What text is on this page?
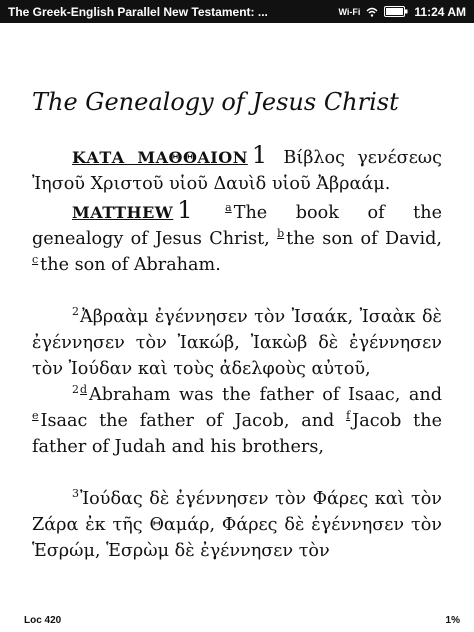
The Greek-English Parallel New Testament: ...	Wi-Fi	11:24 AM
The Genealogy of Jesus Christ

ΚΑΤΑ ΜΑΘΘΑΙΟΝ 1 Βίβλος γενέσεως Ἰησοῦ Χριστοῦ υἱοῦ Δαυὶδ υἱοῦ Ἀβραάμ.

MATTHEW 1	$^a$ The book of the genealogy of Jesus Christ, $^b$ the son of David, $^c$ the son of Abraham.

$^2$Ἀβραὰμ ἐγέννησεν τὸν Ἰσαάκ, Ἰσαὰκ δὲ ἐγέννησεν τὸν Ἰακώβ, Ἰακὼβ δὲ ἐγέννησεν τὸν Ἰούδαν καὶ τοὺς ἀδελφοὺς αὐτοῦ,

$^{2d}$ Abraham was the father of Isaac, and $^e$ Isaac the father of Jacob, and $^f$ Jacob the father of Judah and his brothers,

$^3$Ἰούδας δὲ ἐγέννησεν τὸν Φάρες καὶ τὸν Ζάρα ἐκ τῆς Θαμάρ, Φάρες δὲ ἐγέννησεν τὸν Ἑσρώμ, Ἑσρὼμ δὲ ἐγέννησεν τὸν

Loc 420	1%
